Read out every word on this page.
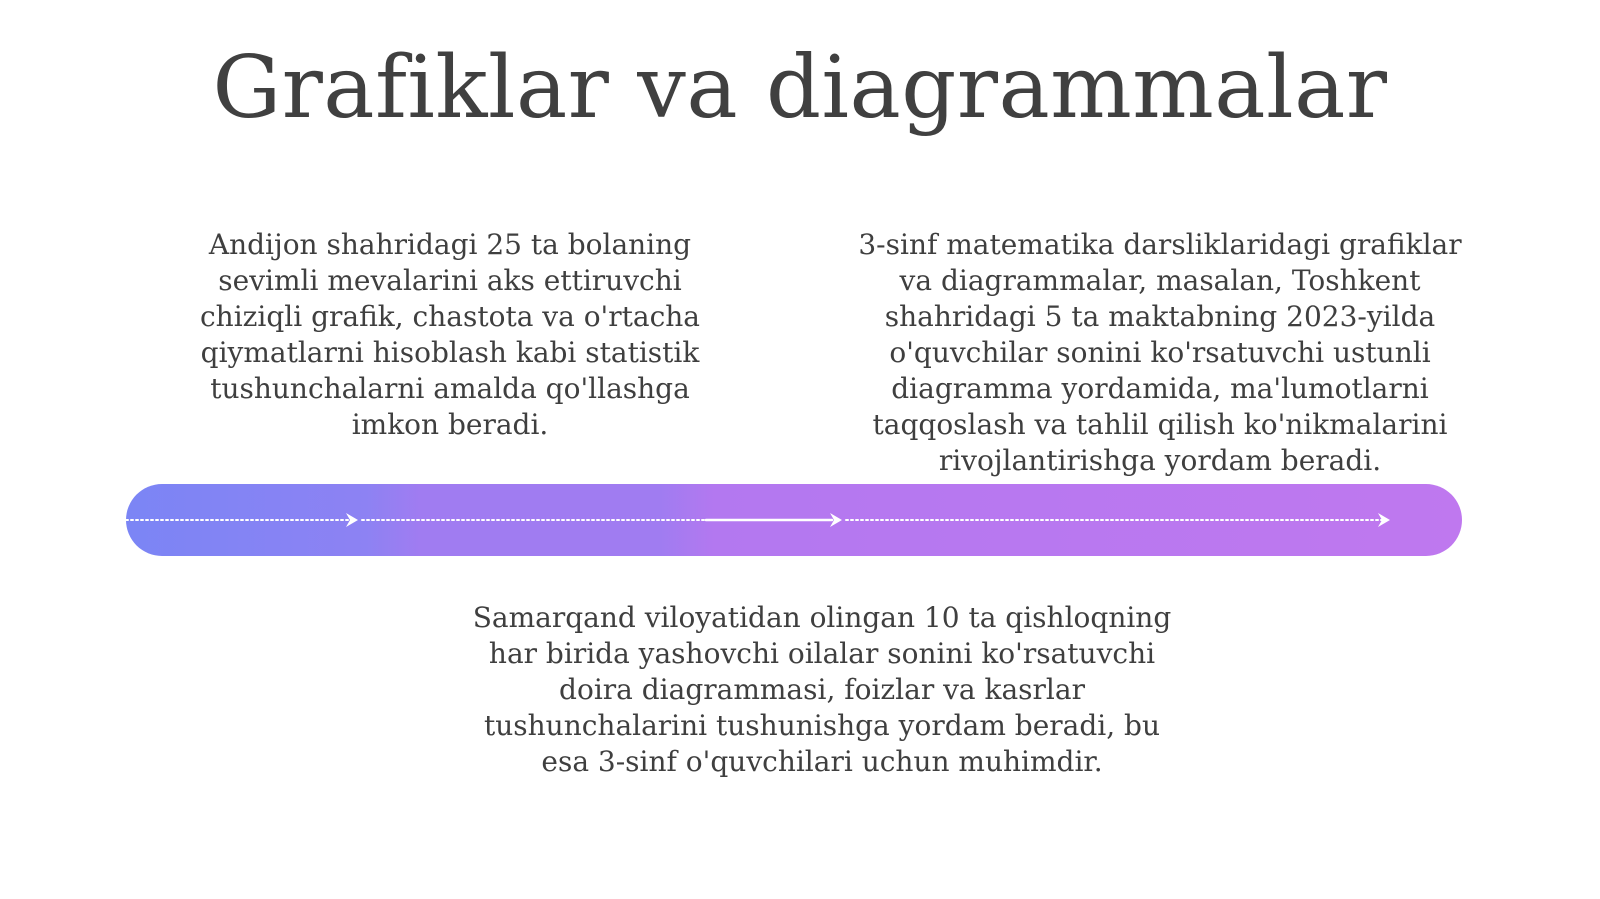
Grafiklar va diagrammalar

Andijon shahridagi 25 ta bolaning sevimli mevalarini aks ettiruvchi chiziqli grafik, chastota va o'rtacha qiymatlarni hisoblash kabi statistik tushunchalarni amalda qo'llashga imkon beradi.

3-sinf matematika darsliklaridagi grafiklar va diagrammalar, masalan, Toshkent shahridagi 5 ta maktabning 2023-yilda o'quvchilar sonini ko'rsatuvchi ustunli diagramma yordamida, ma'lumotlarni taqqoslash va tahlil qilish ko'nikmalarini rivojlantirishga yordam beradi.

Samarqand viloyatidan olingan 10 ta qishloqning har birida yashovchi oilalar sonini ko'rsatuvchi doira diagrammasi, foizlar va kasrlar tushunchalarini tushunishga yordam beradi, bu esa 3-sinf o'quvchilari uchun muhimdir.
